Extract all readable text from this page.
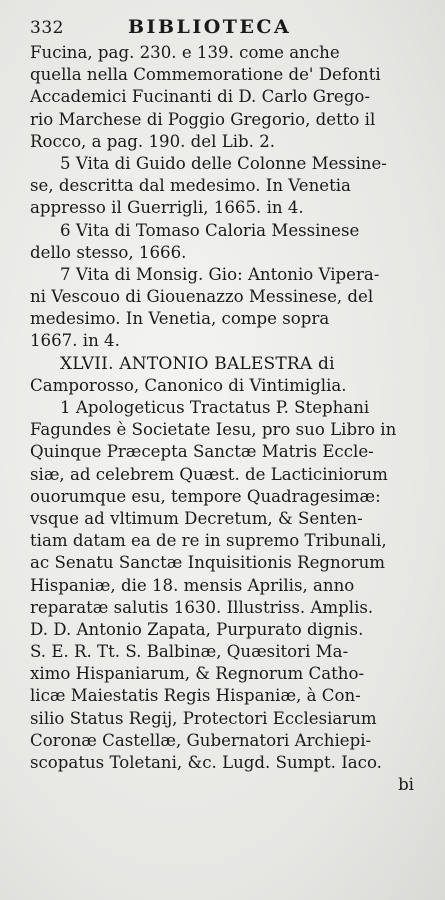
332	BIBLIOTECA
Fucina, pag. 230. e 139. come anche
quella nella Commemoratione de' Defonti
Accademici Fucinanti di D. Carlo Grego-
rio Marchese di Poggio Gregorio, detto il
Rocco, a pag. 190. del Lib. 2.
5 Vita di Guido delle Colonne Messine-
se, descritta dal medesimo. In Venetia
appresso il Guerrigli, 1665. in 4.
6 Vita di Tomaso Caloria Messinese
dello stesso, 1666.
7 Vita di Monsig. Gio: Antonio Vipera-
ni Vescouo di Giouenazzo Messinese, del
medesimo. In Venetia, compe sopra
1667. in 4.
XLVII. ANTONIO BALESTRA di
Camporosso, Canonico di Vintimiglia.
1 Apologeticus Tractatus P. Stephani
Fagundes è Societate Iesu, pro suo Libro in
Quinque Præcepta Sanctæ Matris Eccle-
siæ, ad celebrem Quæst. de Lacticiniorum
ouorumque esu, tempore Quadragesimæ:
vsque ad vltimum Decretum, & Senten-
tiam datam ea de re in supremo Tribunali,
ac Senatu Sanctæ Inquisitionis Regnorum
Hispaniæ, die 18. mensis Aprilis, anno
reparatæ salutis 1630. Illustriss. Amplis.
D. D. Antonio Zapata, Purpurato dignis.
S. E. R. Tt. S. Balbinæ, Quæsitori Ma-
ximo Hispaniarum, & Regnorum Catho-
licæ Maiestatis Regis Hispaniæ, à Con-
silio Status Regij, Protectori Ecclesiarum
Coronæ Castellæ, Gubernatori Archiepi-
scopatus Toletani, &c. Lugd. Sumpt. Iaco.
bi
